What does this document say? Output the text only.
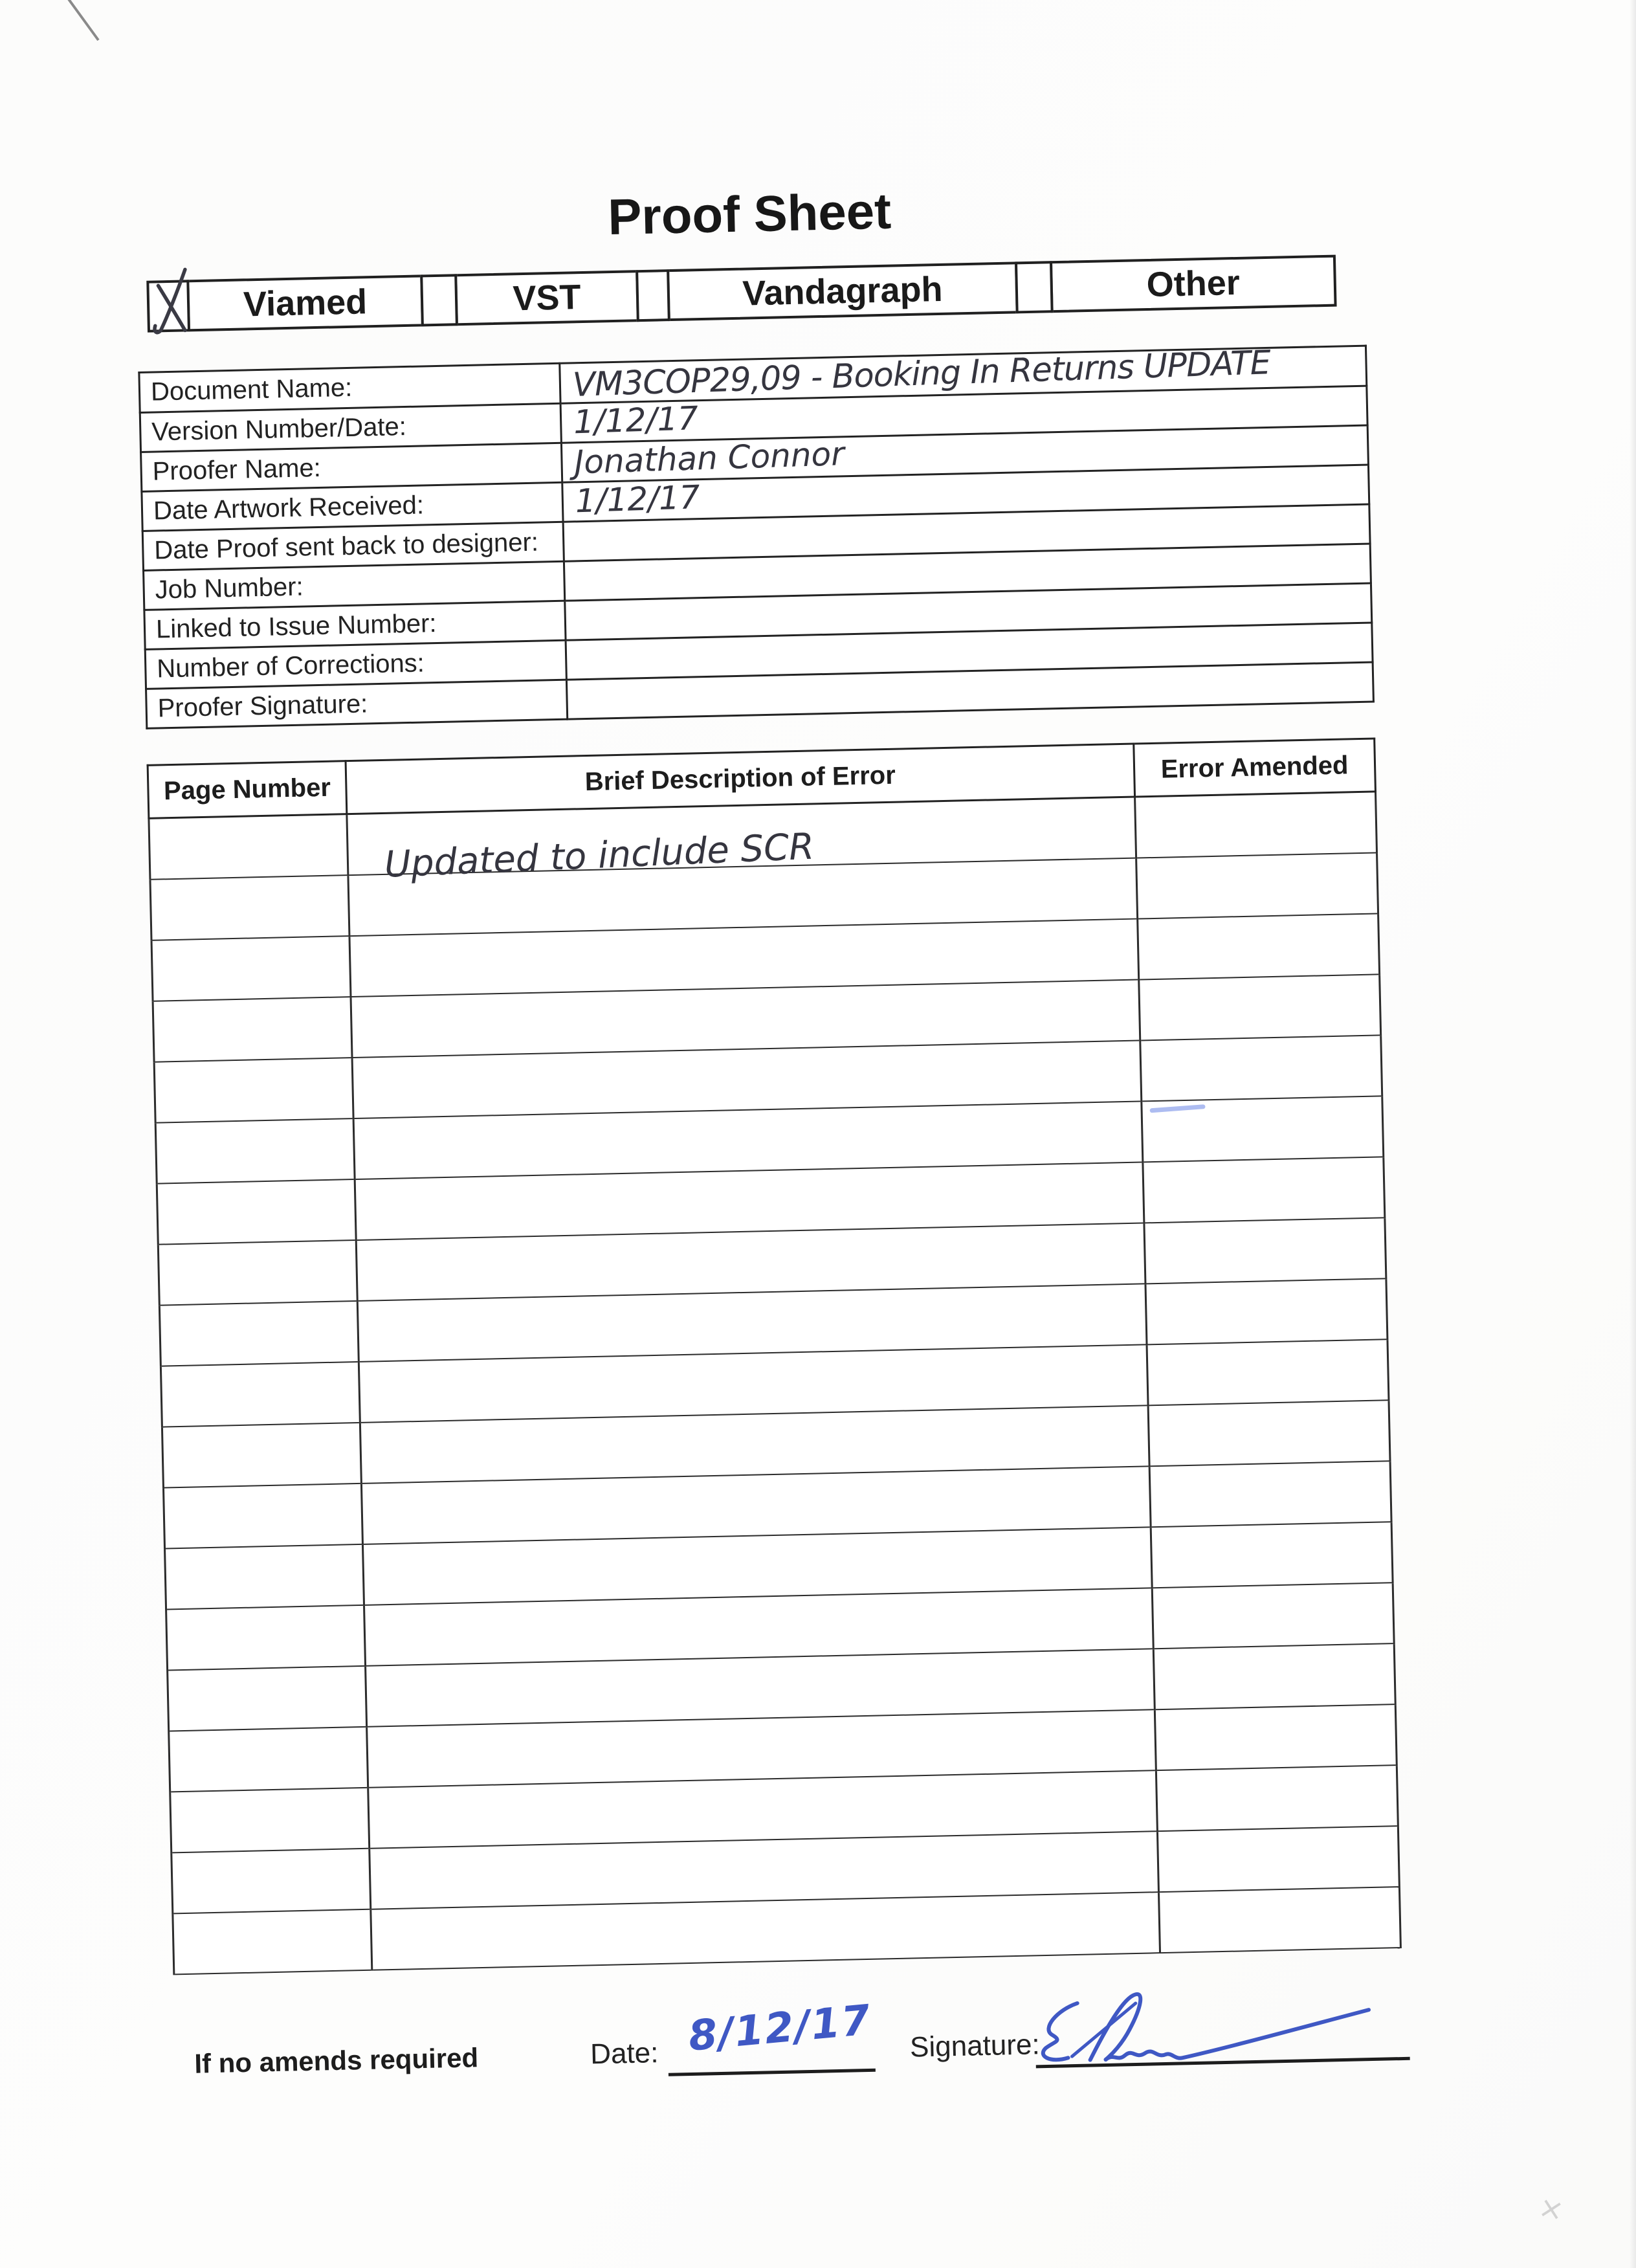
Proof Sheet
Viamed	VST	Vandagraph	Other
Document Name:	VM3COP29,09 - Booking In Returns UPDATE
Version Number/Date:	1/12/17
Proofer Name:	Jonathan Connor
Date Artwork Received:	1/12/17
Date Proof sent back to designer:	
Job Number:	
Linked to Issue Number:	
Number of Corrections:	
Proofer Signature:	
Page Number	Brief Description of Error	Error Amended

	Updated to include SCR	

If no amends required	Date: 8/12/17 Signature:
×
